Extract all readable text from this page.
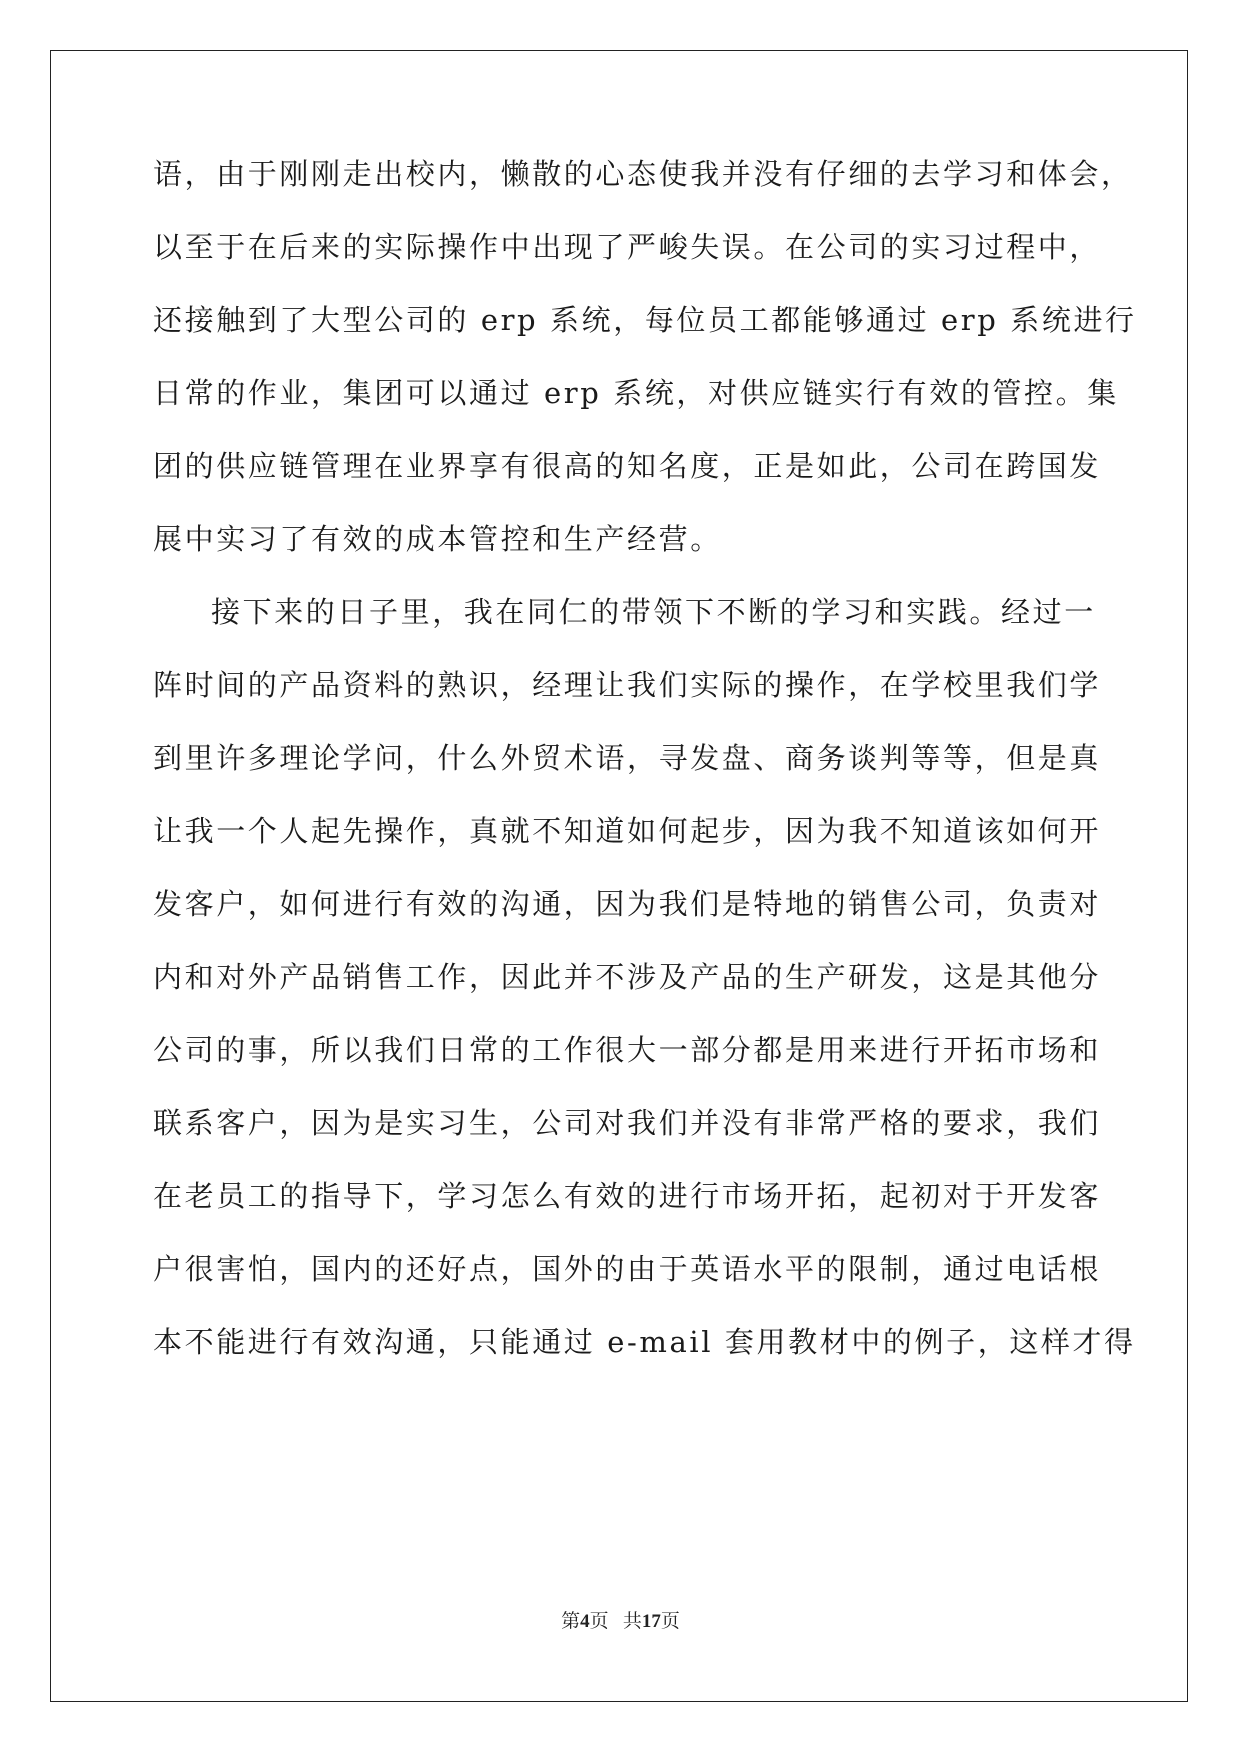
语，由于刚刚走出校内，懒散的心态使我并没有仔细的去学习和体会，
以至于在后来的实际操作中出现了严峻失误。在公司的实习过程中，
还接触到了大型公司的 erp 系统，每位员工都能够通过 erp 系统进行
日常的作业，集团可以通过 erp 系统，对供应链实行有效的管控。集
团的供应链管理在业界享有很高的知名度，正是如此，公司在跨国发
展中实习了有效的成本管控和生产经营。
接下来的日子里，我在同仁的带领下不断的学习和实践。经过一
阵时间的产品资料的熟识，经理让我们实际的操作，在学校里我们学
到里许多理论学问，什么外贸术语，寻发盘、商务谈判等等，但是真
让我一个人起先操作，真就不知道如何起步，因为我不知道该如何开
发客户，如何进行有效的沟通，因为我们是特地的销售公司，负责对
内和对外产品销售工作，因此并不涉及产品的生产研发，这是其他分
公司的事，所以我们日常的工作很大一部分都是用来进行开拓市场和
联系客户，因为是实习生，公司对我们并没有非常严格的要求，我们
在老员工的指导下，学习怎么有效的进行市场开拓，起初对于开发客
户很害怕，国内的还好点，国外的由于英语水平的限制，通过电话根
本不能进行有效沟通，只能通过 e-mail 套用教材中的例子，这样才得
第4页 共17页
